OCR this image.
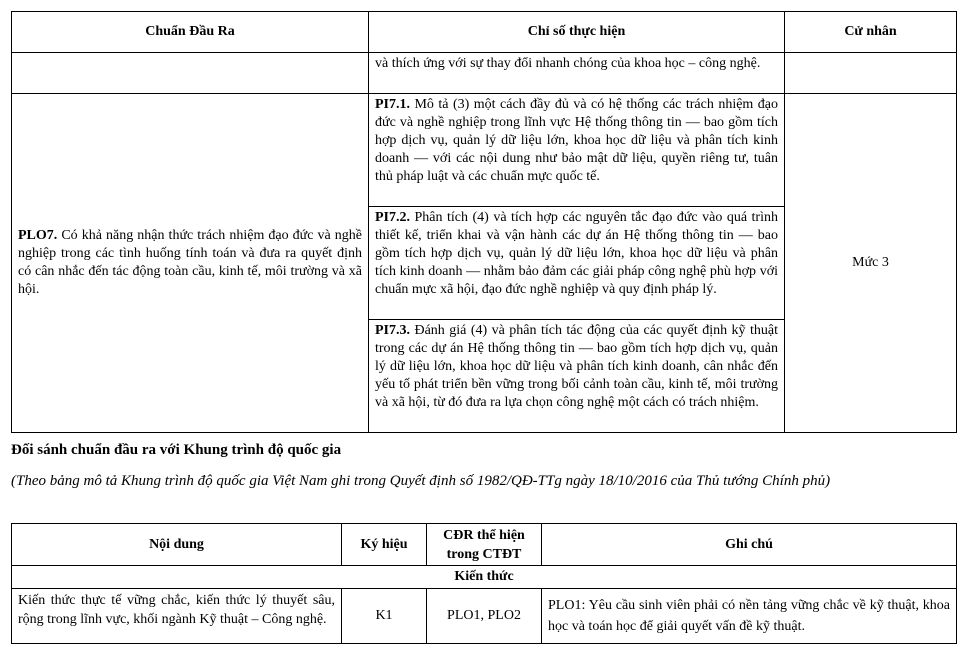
Chuẩn Đầu Ra	Chỉ số thực hiện	Cử nhân
	và thích ứng với sự thay đổi nhanh chóng của khoa học – công nghệ.	
PLO7. Có khả năng nhận thức trách nhiệm đạo đức và nghề nghiệp trong các tình huống tính toán và đưa ra quyết định có cân nhắc đến tác động toàn cầu, kinh tế, môi trường và xã hội.	PI7.1. Mô tả (3) một cách đầy đủ và có hệ thống các trách nhiệm đạo đức và nghề nghiệp trong lĩnh vực Hệ thống thông tin — bao gồm tích hợp dịch vụ, quản lý dữ liệu lớn, khoa học dữ liệu và phân tích kinh doanh — với các nội dung như bảo mật dữ liệu, quyền riêng tư, tuân thủ pháp luật và các chuẩn mực quốc tế.	Mức 3
	PI7.2. Phân tích (4) và tích hợp các nguyên tắc đạo đức vào quá trình thiết kế, triển khai và vận hành các dự án Hệ thống thông tin — bao gồm tích hợp dịch vụ, quản lý dữ liệu lớn, khoa học dữ liệu và phân tích kinh doanh — nhằm bảo đảm các giải pháp công nghệ phù hợp với chuẩn mực xã hội, đạo đức nghề nghiệp và quy định pháp lý.	
	PI7.3. Đánh giá (4) và phân tích tác động của các quyết định kỹ thuật trong các dự án Hệ thống thông tin — bao gồm tích hợp dịch vụ, quản lý dữ liệu lớn, khoa học dữ liệu và phân tích kinh doanh, cân nhắc đến yếu tố phát triển bền vững trong bối cảnh toàn cầu, kinh tế, môi trường và xã hội, từ đó đưa ra lựa chọn công nghệ một cách có trách nhiệm.	
Đối sánh chuẩn đầu ra với Khung trình độ quốc gia
(Theo bảng mô tả Khung trình độ quốc gia Việt Nam ghi trong Quyết định số 1982/QĐ-TTg ngày 18/10/2016 của Thủ tướng Chính phủ)
Nội dung	Ký hiệu	CĐR thể hiện trong CTĐT	Ghi chú
Kiến thức			
Kiến thức thực tế vững chắc, kiến thức lý thuyết sâu, rộng trong lĩnh vực, khối ngành Kỹ thuật – Công nghệ.	K1	PLO1, PLO2	PLO1: Yêu cầu sinh viên phải có nền tảng vững chắc về kỹ thuật, khoa học và toán học để giải quyết vấn đề kỹ thuật.
